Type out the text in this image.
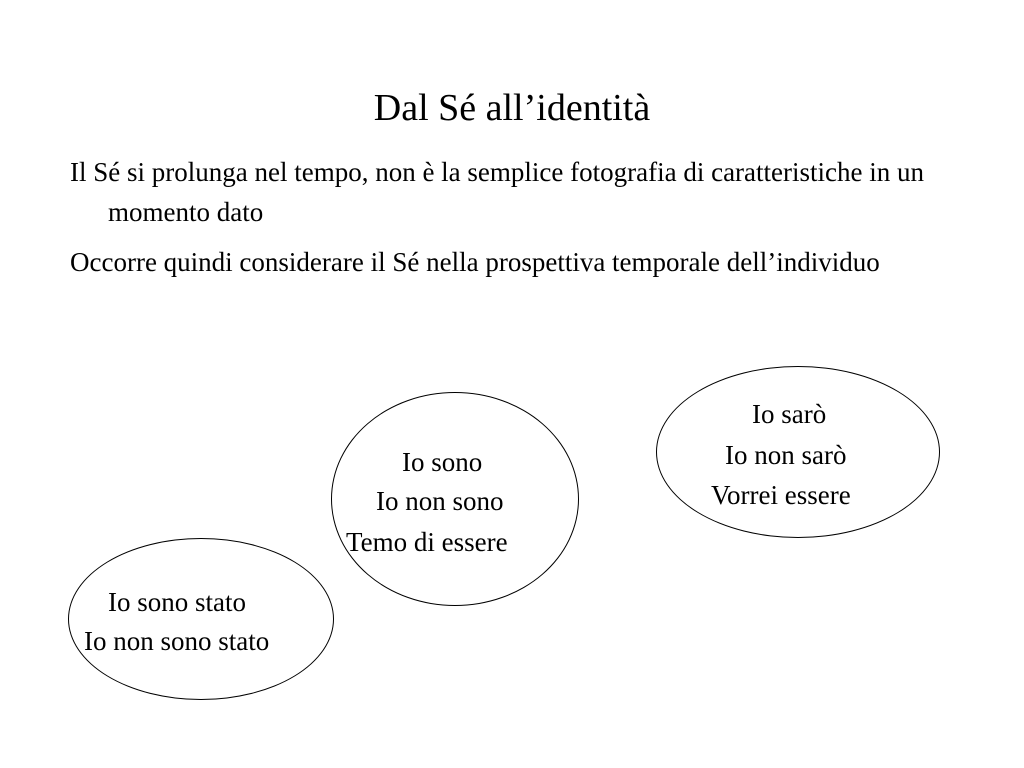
Dal Sé all’identità
Il Sé si prolunga nel tempo, non è la semplice fotografia di caratteristiche in un momento dato
Occorre quindi considerare il Sé nella prospettiva temporale dell’individuo
Io sono stato
Io non sono stato
Io sono
Io non sono
Temo di essere
Io sarò
Io non sarò
Vorrei essere
